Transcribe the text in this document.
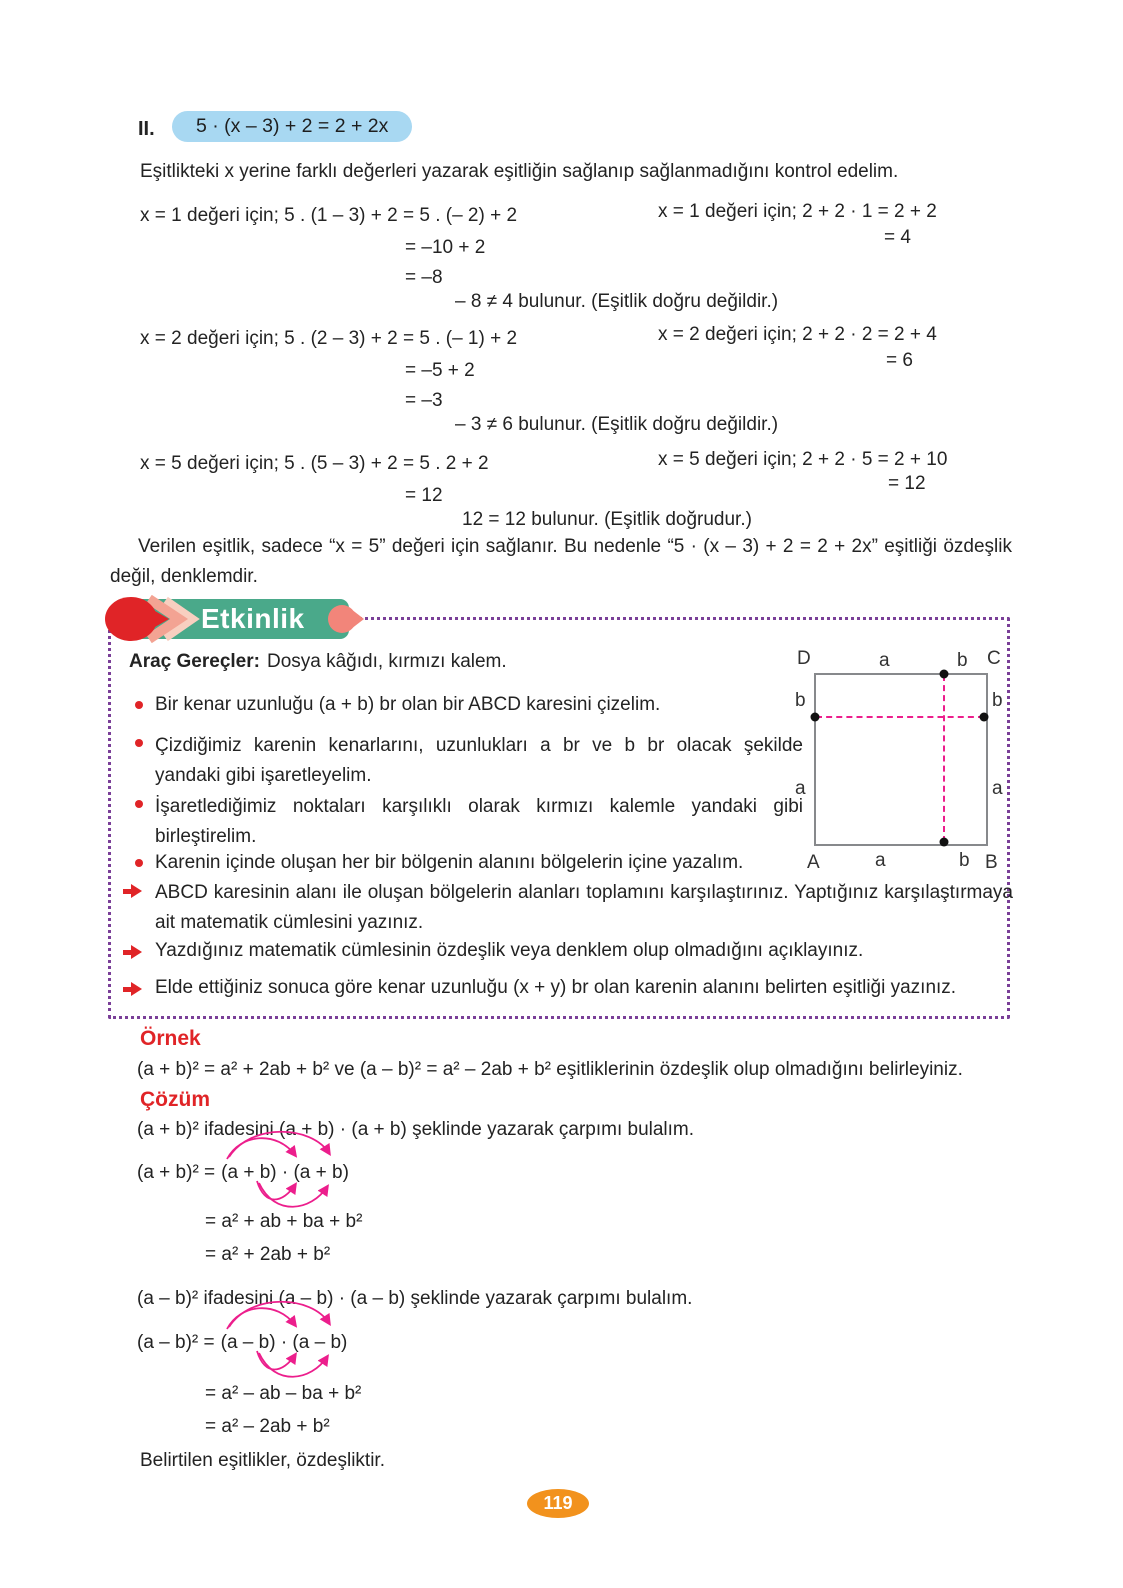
II.	5 · (x – 3) + 2 = 2 + 2x
Eşitlikteki x yerine farklı değerleri yazarak eşitliğin sağlanıp sağlanmadığını kontrol edelim.
x = 1 değeri için; 5 . (1 – 3) + 2 = 5 . (– 2) + 2
= –10 + 2
= –8
x = 1 değeri için; 2 + 2 · 1 = 2 + 2
= 4
– 8 ≠ 4 bulunur. (Eşitlik doğru değildir.)
x = 2 değeri için; 5 . (2 – 3) + 2 = 5 . (– 1) + 2
= –5 + 2
= –3
x = 2 değeri için; 2 + 2 · 2 = 2 + 4
= 6
– 3 ≠ 6 bulunur. (Eşitlik doğru değildir.)
x = 5 değeri için; 5 . (5 – 3) + 2 = 5 . 2 + 2
= 12
x = 5 değeri için; 2 + 2 · 5 = 2 + 10
= 12
12 = 12 bulunur. (Eşitlik doğrudur.)
Verilen eşitlik, sadece “x = 5” değeri için sağlanır. Bu nedenle “5 · (x – 3) + 2 = 2 + 2x” eşitliği özdeşlik değil, denklemdir.
Etkinlik
Araç Gereçler: Dosya kâğıdı, kırmızı kalem.
Bir kenar uzunluğu (a + b) br olan bir ABCD karesini çizelim.
Çizdiğimiz karenin kenarlarını, uzunlukları a br ve b br olacak şekilde yandaki gibi işaretleyelim.
İşaretlediğimiz noktaları karşılıklı olarak kırmızı kalemle yandaki gibi birleştirelim.
Karenin içinde oluşan her bir bölgenin alanını bölgelerin içine yazalım.
ABCD karesinin alanı ile oluşan bölgelerin alanları toplamını karşılaştırınız. Yaptığınız karşılaştırmaya ait matematik cümlesini yazınız.
Yazdığınız matematik cümlesinin özdeşlik veya denklem olup olmadığını açıklayınız.
Elde ettiğiniz sonuca göre kenar uzunluğu (x + y) br olan karenin alanını belirten eşitliği yazınız.
D	a	b C
b	b
a	a
A	a	b B
Örnek
(a + b)² = a² + 2ab + b² ve (a – b)² = a² – 2ab + b² eşitliklerinin özdeşlik olup olmadığını belirleyiniz.
Çözüm
(a + b)² ifadesini (a + b) · (a + b) şeklinde yazarak çarpımı bulalım.
(a + b)² = (a + b) · (a + b)
= a² + ab + ba + b²
= a² + 2ab + b²
(a – b)² ifadesini (a – b) · (a – b) şeklinde yazarak çarpımı bulalım.
(a – b)² = (a – b) · (a – b)
= a² – ab – ba + b²
= a² – 2ab + b²
Belirtilen eşitlikler, özdeşliktir.
119
